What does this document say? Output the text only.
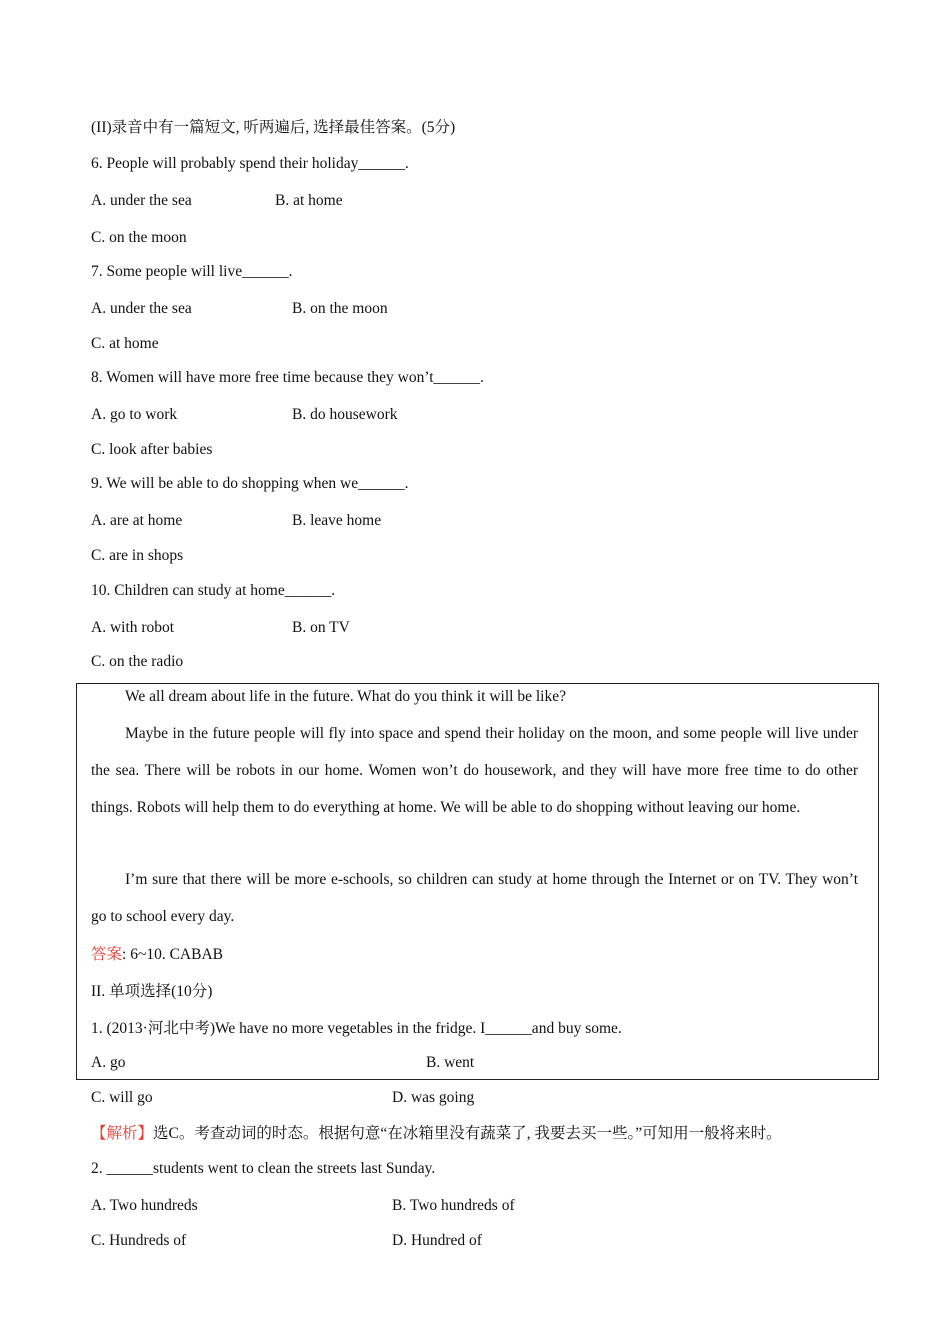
(II)录音中有一篇短文, 听两遍后, 选择最佳答案。(5分)
6. People will probably spend their holiday______.
A. under the sea	B. at home
C. on the moon
7. Some people will live______.
A. under the sea	B. on the moon
C. at home
8. Women will have more free time because they won’t______.
A. go to work	B. do housework
C. look after babies
9. We will be able to do shopping when we______.
A. are at home	B. leave home
C. are in shops
10. Children can study at home______.
A. with robot	B. on TV
C. on the radio
We all dream about life in the future. What do you think it will be like?
Maybe in the future people will fly into space and spend their holiday on the moon, and some people will live under the sea. There will be robots in our home. Women won’t do housework, and they will have more free time to do other things. Robots will help them to do everything at home. We will be able to do shopping without leaving our home.
I’m sure that there will be more e-schools, so children can study at home through the Internet or on TV. They won’t go to school every day.
答案: 6~10. CABAB
II. 单项选择(10分)
1. (2013·河北中考)We have no more vegetables in the fridge. I______and buy some.
A. go	B. went
C. will go	D. was going
【解析】选C。考查动词的时态。根据句意“在冰箱里没有蔬菜了, 我要去买一些。”可知用一般将来时。
2. ______students went to clean the streets last Sunday.
A. Two hundreds	B. Two hundreds of
C. Hundreds of	D. Hundred of
